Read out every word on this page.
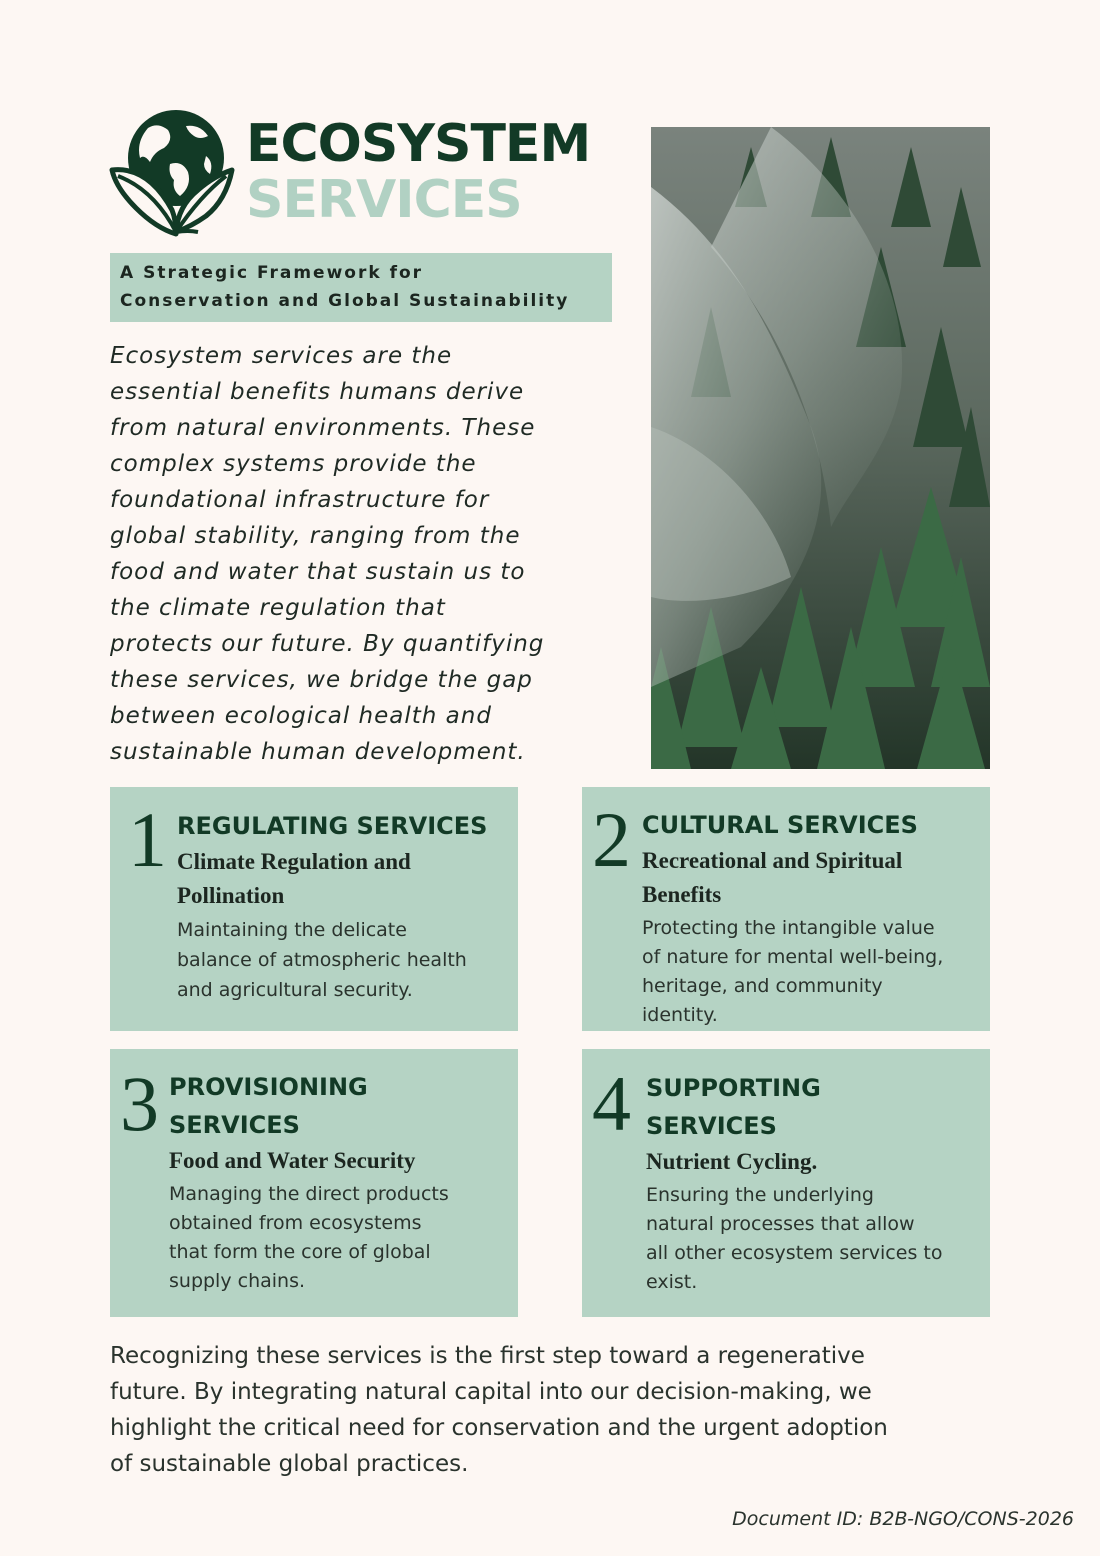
ECOSYSTEM
SERVICES
A Strategic Framework for
Conservation and Global Sustainability

Ecosystem services are the
essential benefits humans derive
from natural environments. These
complex systems provide the
foundational infrastructure for
global stability, ranging from the
food and water that sustain us to
the climate regulation that
protects our future. By quantifying
these services, we bridge the gap
between ecological health and
sustainable human development.

1 REGULATING SERVICES

Climate Regulation and
Pollination

Maintaining the delicate
balance of atmospheric health
and agricultural security.

2 CULTURAL SERVICES

Recreational and Spiritual
Benefits

Protecting the intangible value
of nature for mental well-being,
heritage, and community
identity.

3 PROVISIONING
SERVICES

Food and Water Security

Managing the direct products
obtained from ecosystems
that form the core of global
supply chains.

4 SUPPORTING
SERVICES

Nutrient Cycling.

Ensuring the underlying
natural processes that allow
all other ecosystem services to
exist.

Recognizing these services is the first step toward a regenerative
future. By integrating natural capital into our decision-making, we
highlight the critical need for conservation and the urgent adoption
of sustainable global practices.

Document ID: B2B-NGO/CONS-2026
